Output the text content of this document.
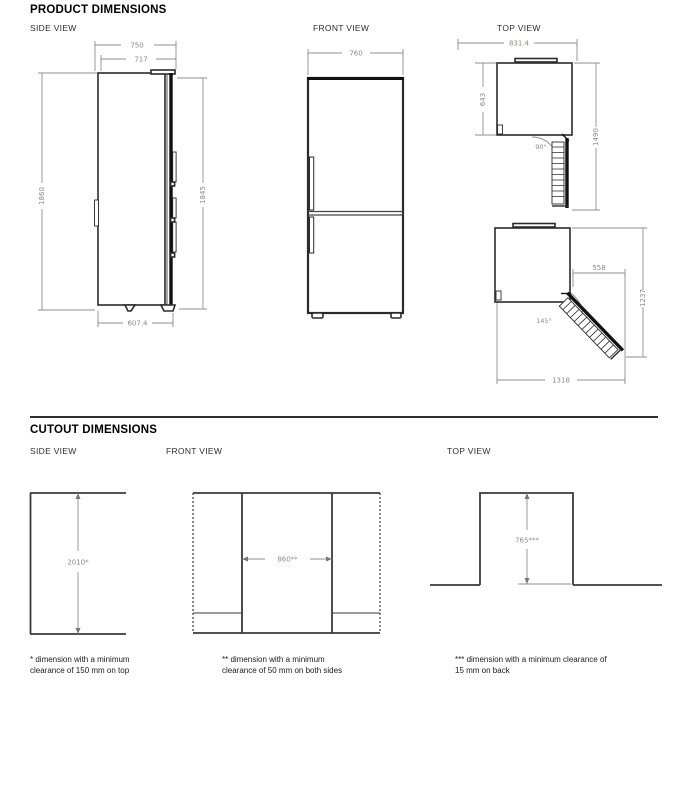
PRODUCT DIMENSIONS
SIDE VIEW	FRONT VIEW	TOP VIEW
750
717
1860	1845
607.4
760
831.4
643
1490
90°
558
1237
1318
145°
CUTOUT DIMENSIONS
SIDE VIEW	FRONT VIEW	TOP VIEW
2010*	860**
765***
* dimension with a minimum clearance of 150 mm on top
** dimension with a minimum clearance of 50 mm on both sides
*** dimension with a minimum clearance of 15 mm on back
